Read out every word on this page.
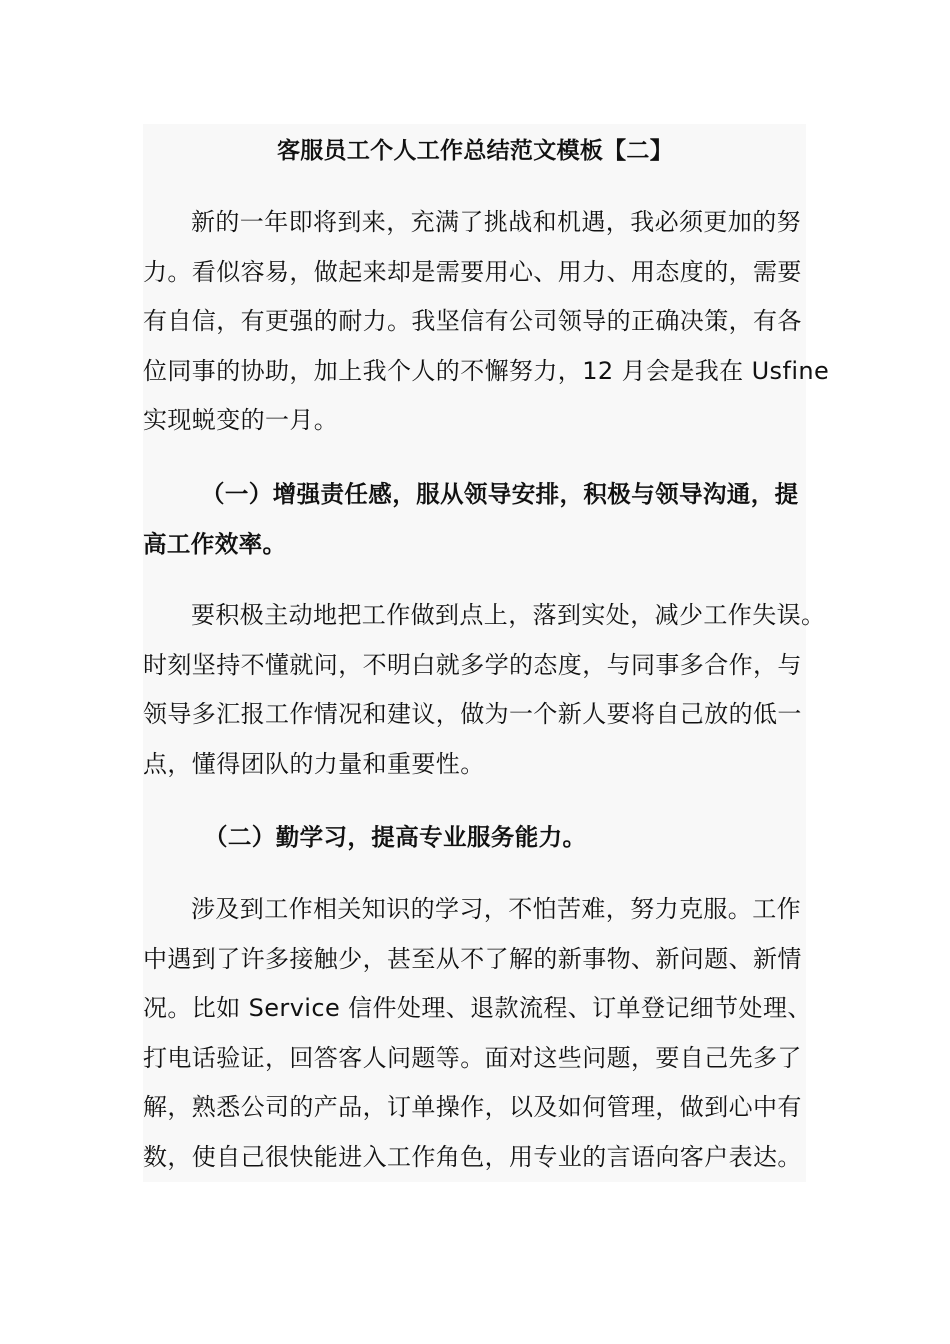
客服员工个人工作总结范文模板【二】

新的一年即将到来，充满了挑战和机遇，我必须更加的努
力。看似容易，做起来却是需要用心、用力、用态度的，需要
有自信，有更强的耐力。我坚信有公司领导的正确决策，有各
位同事的协助，加上我个人的不懈努力，12 月会是我在 Usfine
实现蜕变的一月。

（一）增强责任感，服从领导安排，积极与领导沟通，提
高工作效率。

要积极主动地把工作做到点上，落到实处，减少工作失误。
时刻坚持不懂就问，不明白就多学的态度，与同事多合作，与
领导多汇报工作情况和建议，做为一个新人要将自己放的低一
点，懂得团队的力量和重要性。

（二）勤学习，提高专业服务能力。

涉及到工作相关知识的学习，不怕苦难，努力克服。工作
中遇到了许多接触少，甚至从不了解的新事物、新问题、新情
况。比如 Service 信件处理、退款流程、订单登记细节处理、
打电话验证，回答客人问题等。面对这些问题，要自己先多了
解，熟悉公司的产品，订单操作，以及如何管理，做到心中有
数，使自己很快能进入工作角色，用专业的言语向客户表达。
